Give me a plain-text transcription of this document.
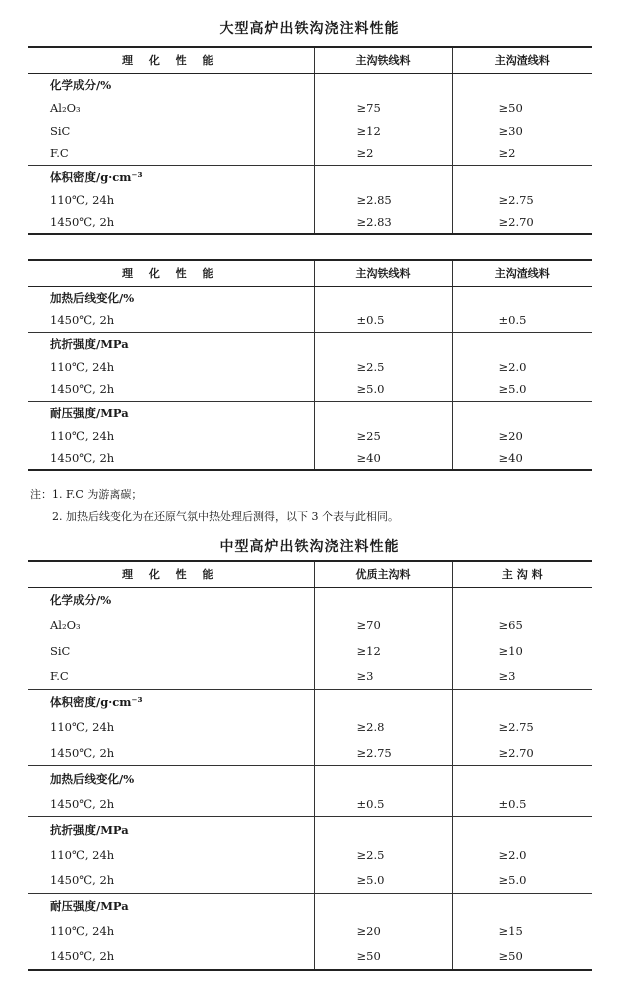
大型高炉出铁沟浇注料性能
理 化 性 能	主沟铁线料	主沟渣线料
化学成分/%		
Al₂O₃	≥75	≥50
SiC	≥12	≥30
F.C	≥2	≥2
体积密度/g·cm⁻³		
110℃, 24h	≥2.85	≥2.75
1450℃, 2h	≥2.83	≥2.70
理 化 性 能	主沟铁线料	主沟渣线料
加热后线变化/%		
1450℃, 2h	±0.5	±0.5
抗折强度/MPa		
110℃, 24h	≥2.5	≥2.0
1450℃, 2h	≥5.0	≥5.0
耐压强度/MPa		
110℃, 24h	≥25	≥20
1450℃, 2h	≥40	≥40
注：1. F.C 为游离碳；
　　2. 加热后线变化为在还原气氛中热处理后测得，以下 3 个表与此相同。
中型高炉出铁沟浇注料性能
理 化 性 能	优质主沟料	主 沟 料
化学成分/%		
Al₂O₃	≥70	≥65
SiC	≥12	≥10
F.C	≥3	≥3
体积密度/g·cm⁻³		
110℃, 24h	≥2.8	≥2.75
1450℃, 2h	≥2.75	≥2.70
加热后线变化/%		
1450℃, 2h	±0.5	±0.5
抗折强度/MPa		
110℃, 24h	≥2.5	≥2.0
1450℃, 2h	≥5.0	≥5.0
耐压强度/MPa		
110℃, 24h	≥20	≥15
1450℃, 2h	≥50	≥50
